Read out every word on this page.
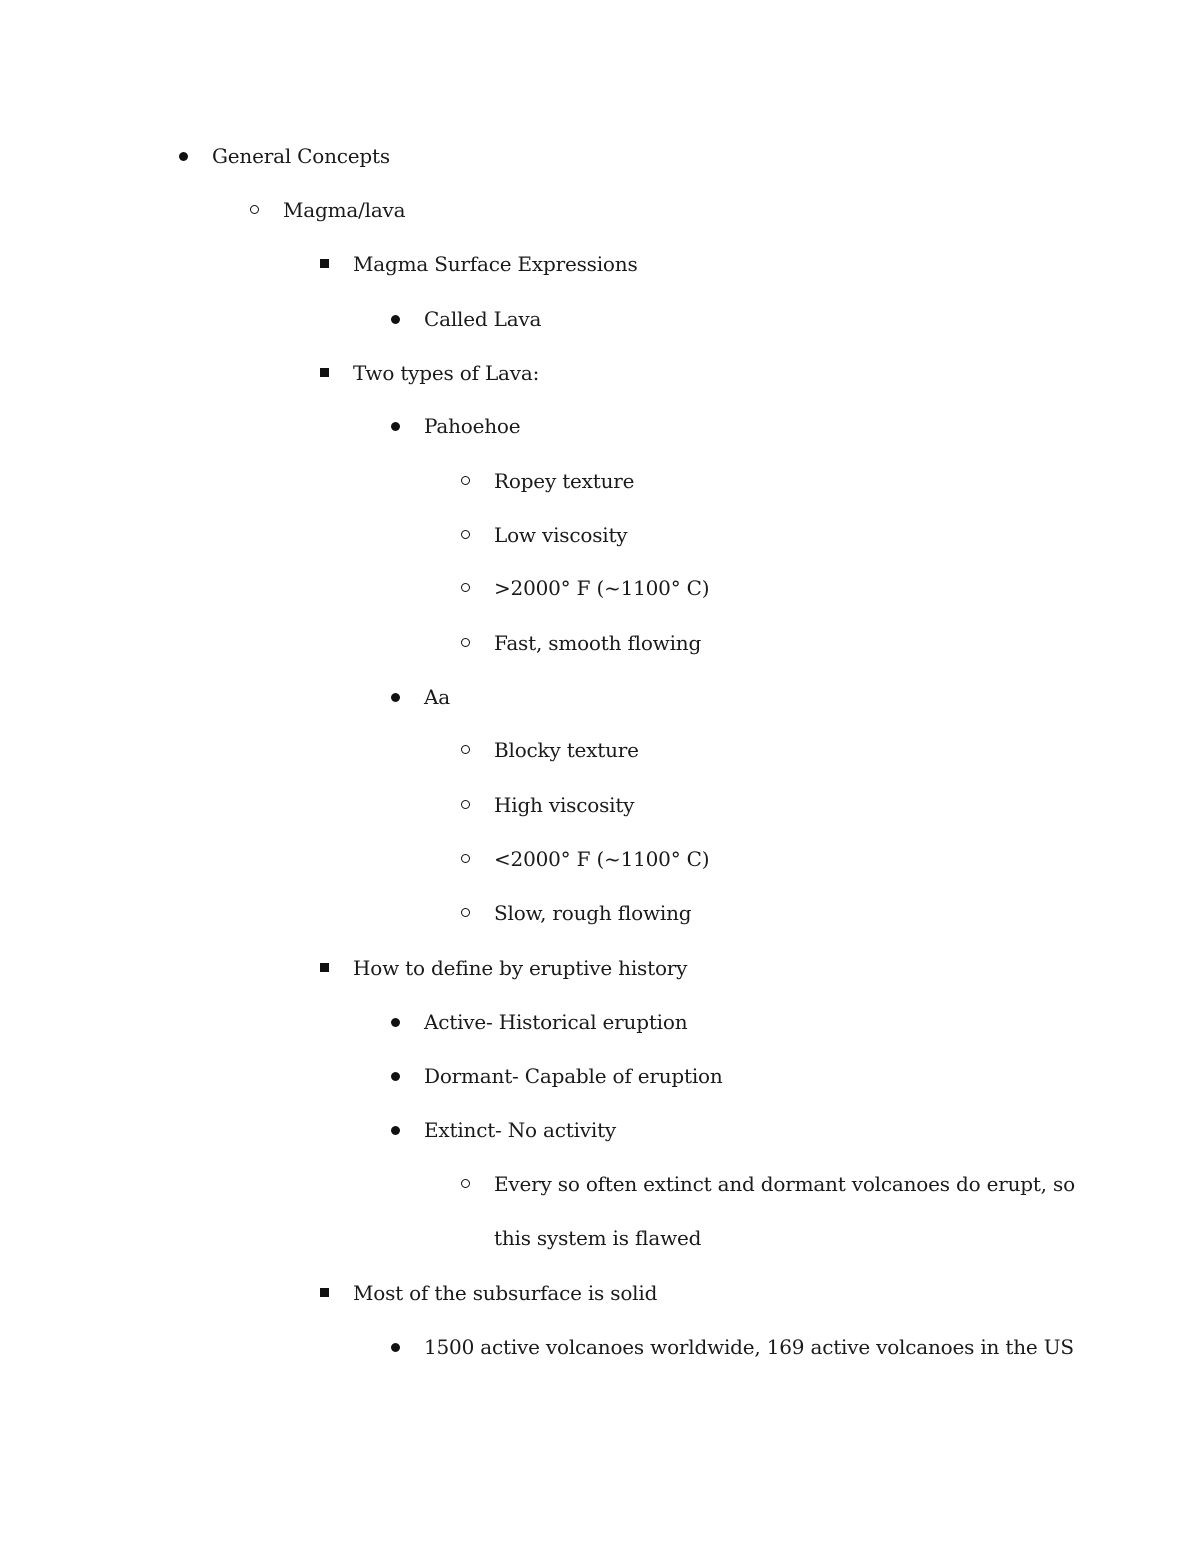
General Concepts
Magma/lava
Magma Surface Expressions
Called Lava
Two types of Lava:
Pahoehoe
Ropey texture
Low viscosity
>2000° F (~1100° C)
Fast, smooth flowing
Aa
Blocky texture
High viscosity
<2000° F (~1100° C)
Slow, rough flowing
How to define by eruptive history
Active- Historical eruption
Dormant- Capable of eruption
Extinct- No activity
Every so often extinct and dormant volcanoes do erupt, so
this system is flawed
Most of the subsurface is solid
1500 active volcanoes worldwide, 169 active volcanoes in the US
